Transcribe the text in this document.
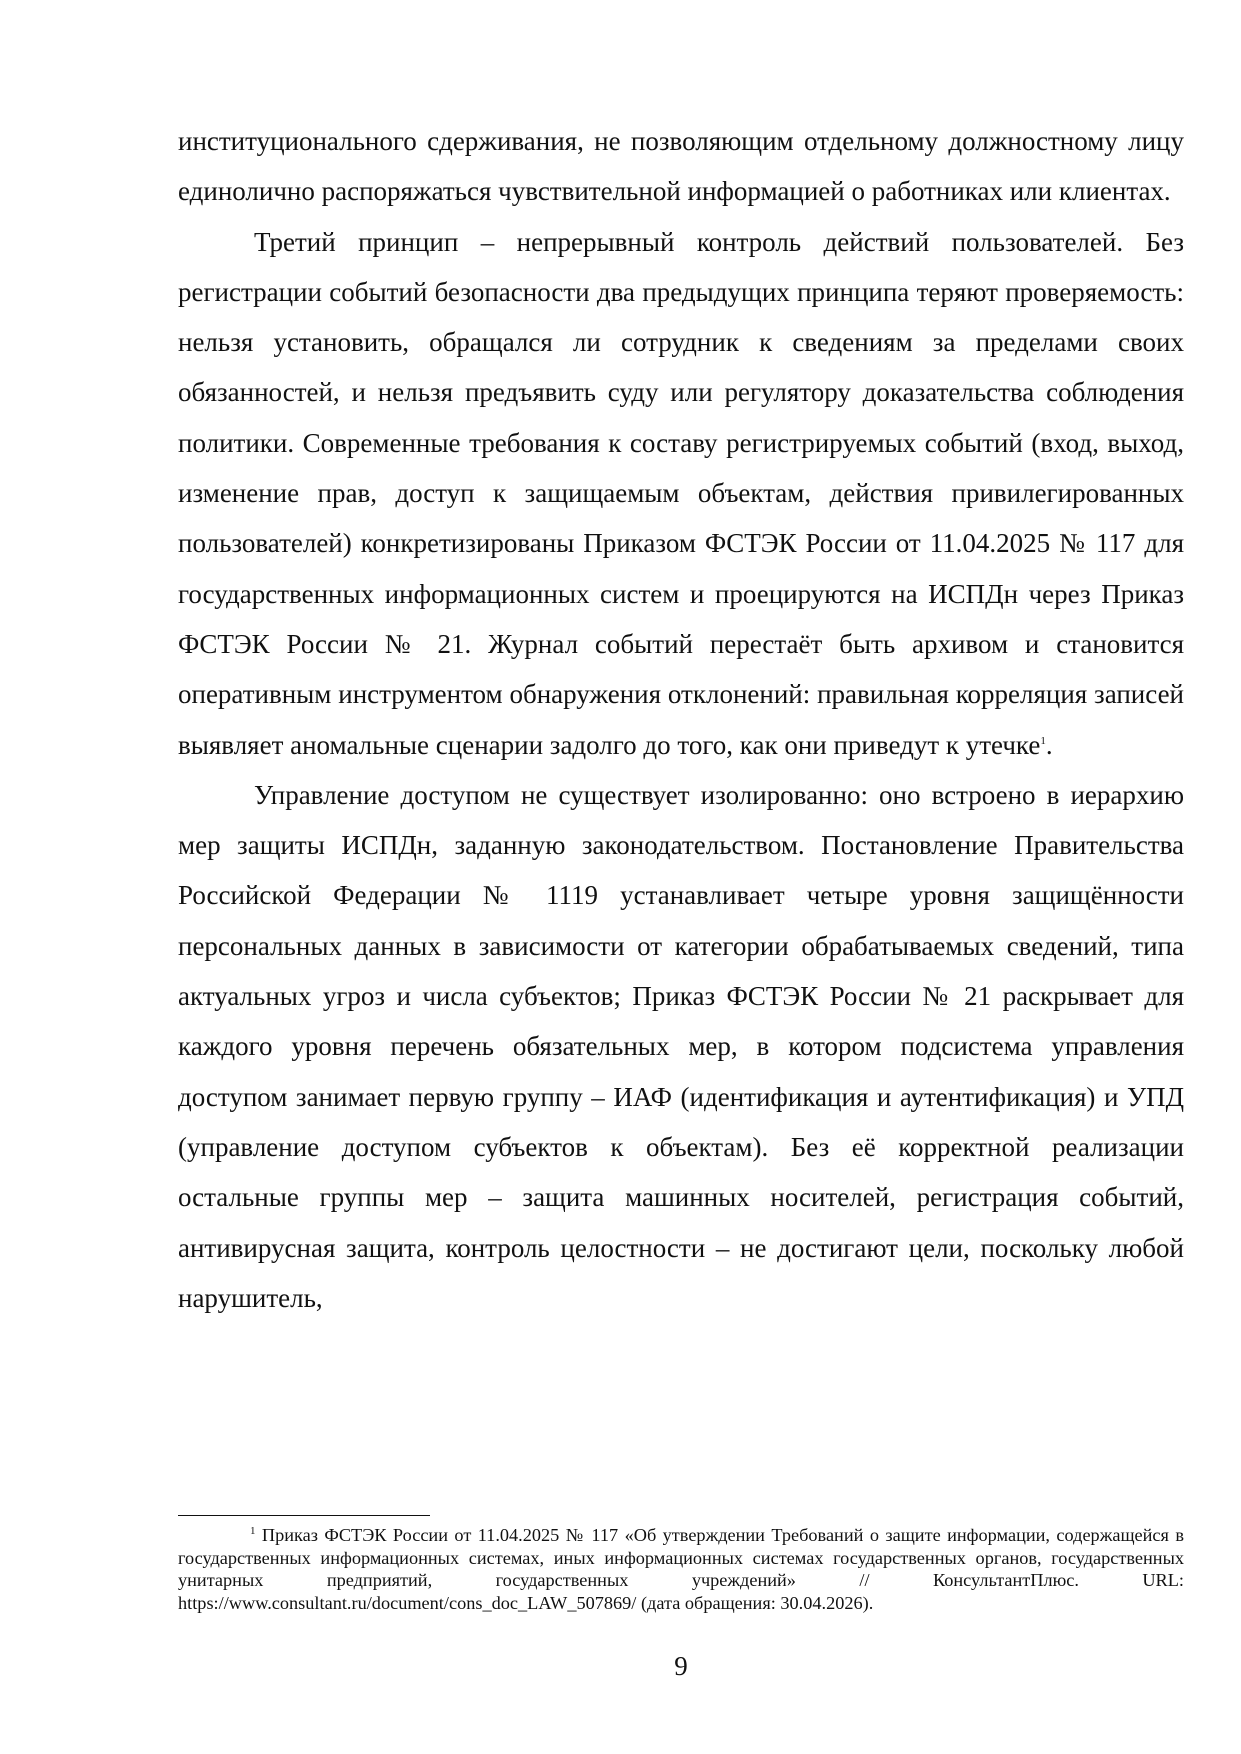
институционального сдерживания, не позволяющим отдельному должностному лицу единолично распоряжаться чувствительной информацией о работниках или клиентах.

Третий принцип – непрерывный контроль действий пользователей. Без регистрации событий безопасности два предыдущих принципа теряют проверяемость: нельзя установить, обращался ли сотрудник к сведениям за пределами своих обязанностей, и нельзя предъявить суду или регулятору доказательства соблюдения политики. Современные требования к составу регистрируемых событий (вход, выход, изменение прав, доступ к защищаемым объектам, действия привилегированных пользователей) конкретизированы Приказом ФСТЭК России от 11.04.2025 № 117 для государственных информационных систем и проецируются на ИСПДн через Приказ ФСТЭК России № 21. Журнал событий перестаёт быть архивом и становится оперативным инструментом обнаружения отклонений: правильная корреляция записей выявляет аномальные сценарии задолго до того, как они приведут к утечке$^1$.

Управление доступом не существует изолированно: оно встроено в иерархию мер защиты ИСПДн, заданную законодательством. Постановление Правительства Российской Федерации № 1119 устанавливает четыре уровня защищённости персональных данных в зависимости от категории обрабатываемых сведений, типа актуальных угроз и числа субъектов; Приказ ФСТЭК России № 21 раскрывает для каждого уровня перечень обязательных мер, в котором подсистема управления доступом занимает первую группу – ИАФ (идентификация и аутентификация) и УПД (управление доступом субъектов к объектам). Без её корректной реализации остальные группы мер – защита машинных носителей, регистрация событий, антивирусная защита, контроль целостности – не достигают цели, поскольку любой нарушитель,

$^1$ Приказ ФСТЭК России от 11.04.2025 № 117 «Об утверждении Требований о защите информации, содержащейся в государственных информационных системах, иных информационных системах государственных органов, государственных унитарных предприятий, государственных учреждений» // КонсультантПлюс. URL: https://www.consultant.ru/document/cons_doc_LAW_507869/ (дата обращения: 30.04.2026).

9
